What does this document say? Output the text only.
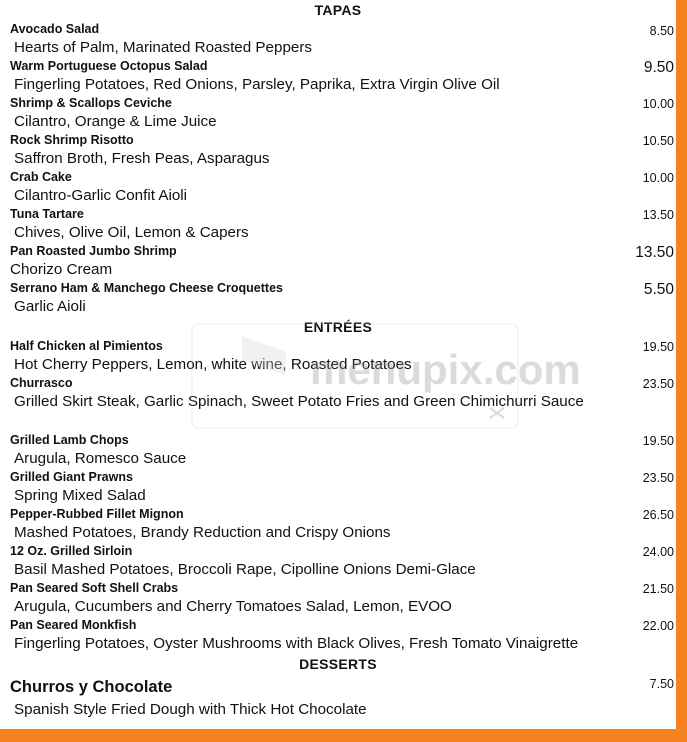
TAPAS
Avocado Salad	8.50
Hearts of Palm, Marinated Roasted Peppers
Warm Portuguese Octopus Salad	9.50
Fingerling Potatoes, Red Onions, Parsley, Paprika, Extra Virgin Olive Oil
Shrimp & Scallops Ceviche	10.00
Cilantro, Orange & Lime Juice
Rock Shrimp Risotto	10.50
Saffron Broth, Fresh Peas, Asparagus
Crab Cake	10.00
Cilantro-Garlic Confit Aioli
Tuna Tartare	13.50
Chives, Olive Oil, Lemon & Capers
Pan Roasted Jumbo Shrimp	13.50
Chorizo Cream
Serrano Ham & Manchego Cheese Croquettes	5.50
Garlic Aioli
ENTRÉES
Half Chicken al Pimientos	19.50
Hot Cherry Peppers, Lemon, white wine, Roasted Potatoes
Churrasco	23.50
Grilled Skirt Steak, Garlic Spinach, Sweet Potato Fries and Green Chimichurri Sauce
Grilled Lamb Chops	19.50
Arugula, Romesco Sauce
Grilled Giant Prawns	23.50
Spring Mixed Salad
Pepper-Rubbed Fillet Mignon	26.50
Mashed Potatoes, Brandy Reduction and Crispy Onions
12 Oz. Grilled Sirloin	24.00
Basil Mashed Potatoes, Broccoli Rape, Cipolline Onions Demi-Glace
Pan Seared Soft Shell Crabs	21.50
Arugula, Cucumbers and Cherry Tomatoes Salad, Lemon, EVOO
Pan Seared Monkfish	22.00
Fingerling Potatoes, Oyster Mushrooms with Black Olives, Fresh Tomato Vinaigrette
DESSERTS
Churros y Chocolate	7.50
Spanish Style Fried Dough with Thick Hot Chocolate
menupix.com
